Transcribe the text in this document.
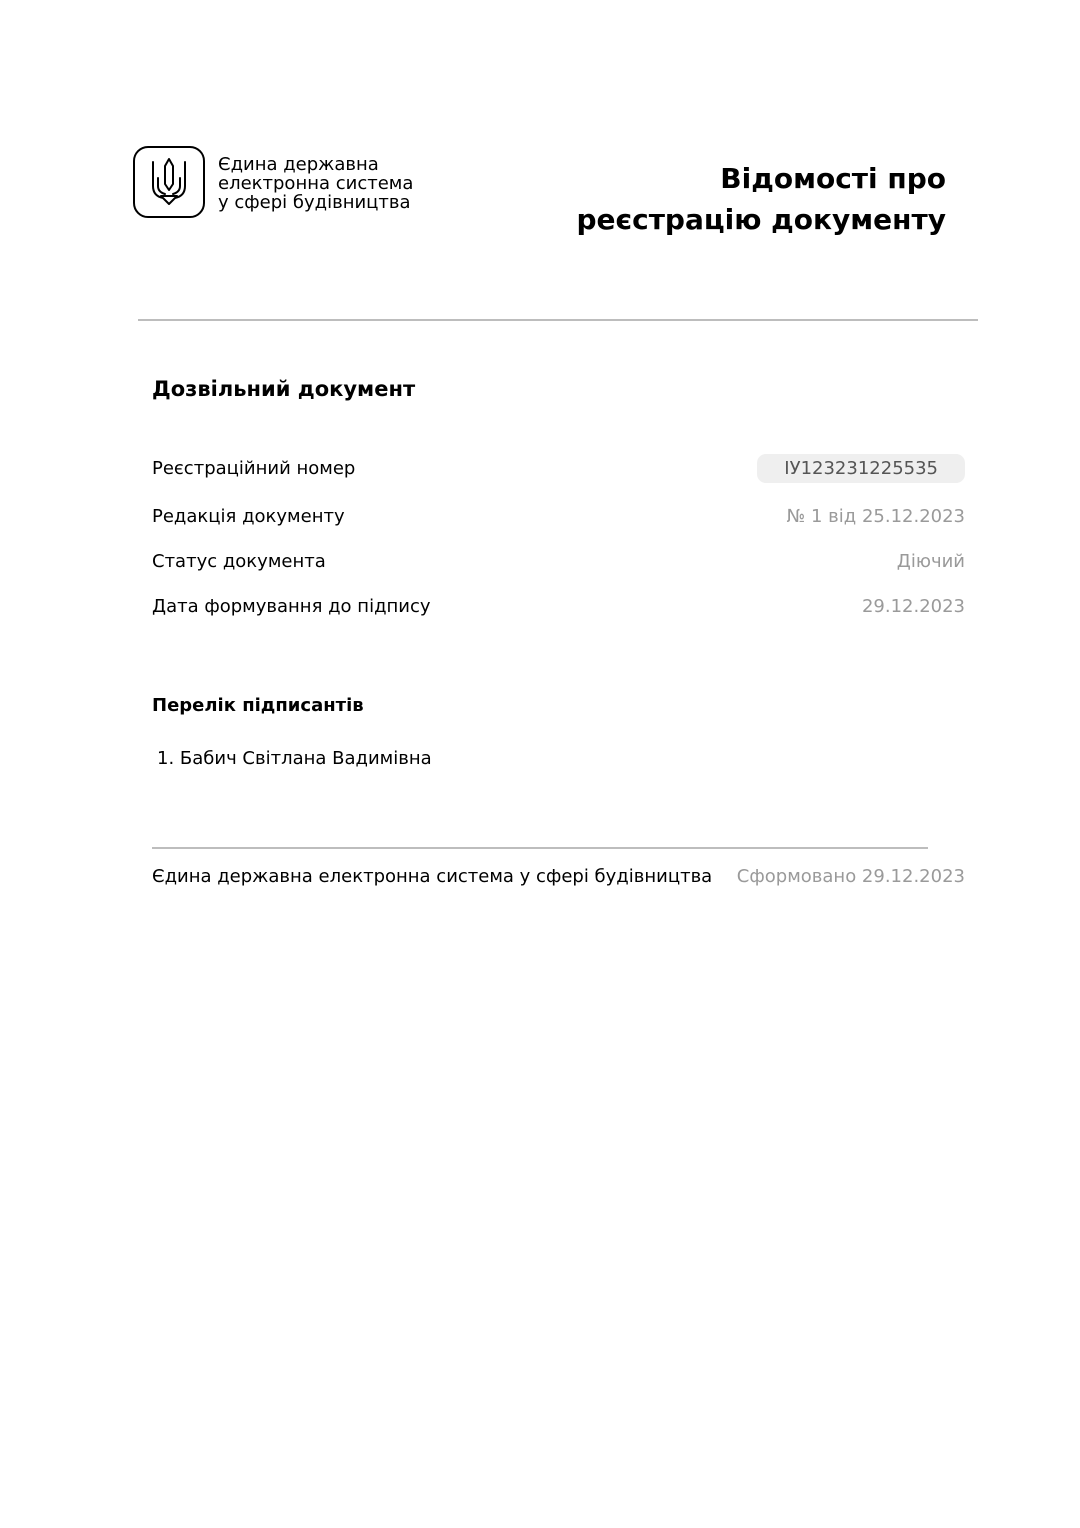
Єдина державна
електронна система
у сфері будівництва
Відомості про
реєстрацію документу
Дозвільний документ
Реєстраційний номер	ІУ123231225535
Редакція документу	№ 1 від 25.12.2023
Статус документа	Діючий
Дата формування до підпису	29.12.2023
Перелік підписантів
1. Бабич Світлана Вадимівна
Єдина державна електронна система у сфері будівництва Сформовано 29.12.2023
